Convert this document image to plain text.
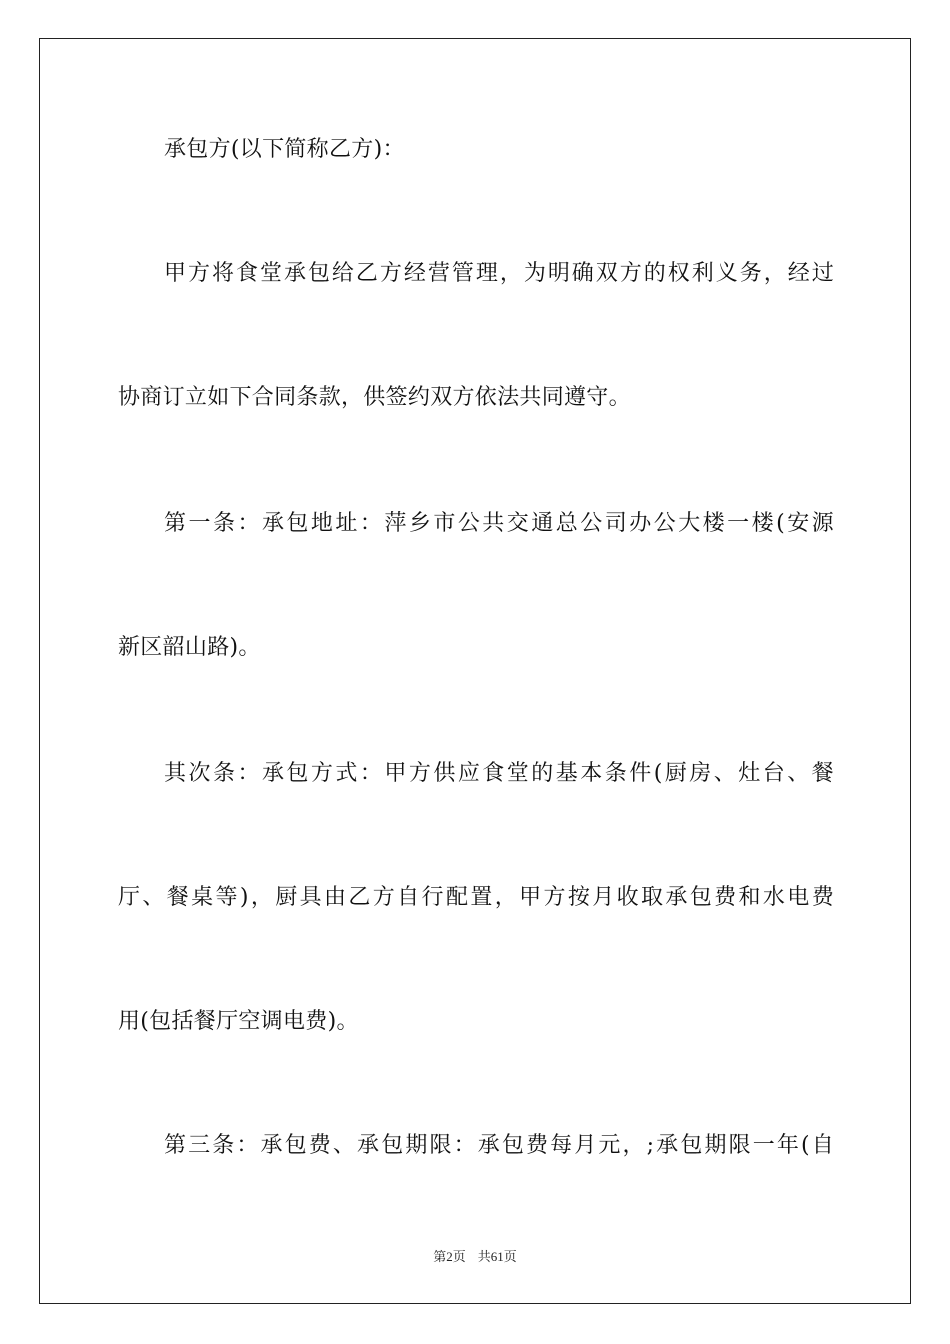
承包方(以下简称乙方)：
甲方将食堂承包给乙方经营管理，为明确双方的权利义务，经过
协商订立如下合同条款，供签约双方依法共同遵守。
第一条：承包地址：萍乡市公共交通总公司办公大楼一楼(安源
新区韶山路)。
其次条：承包方式：甲方供应食堂的基本条件(厨房、灶台、餐
厅、餐桌等)，厨具由乙方自行配置，甲方按月收取承包费和水电费
用(包括餐厅空调电费)。
第三条：承包费、承包期限：承包费每月元，;承包期限一年(自
第2页 共61页
